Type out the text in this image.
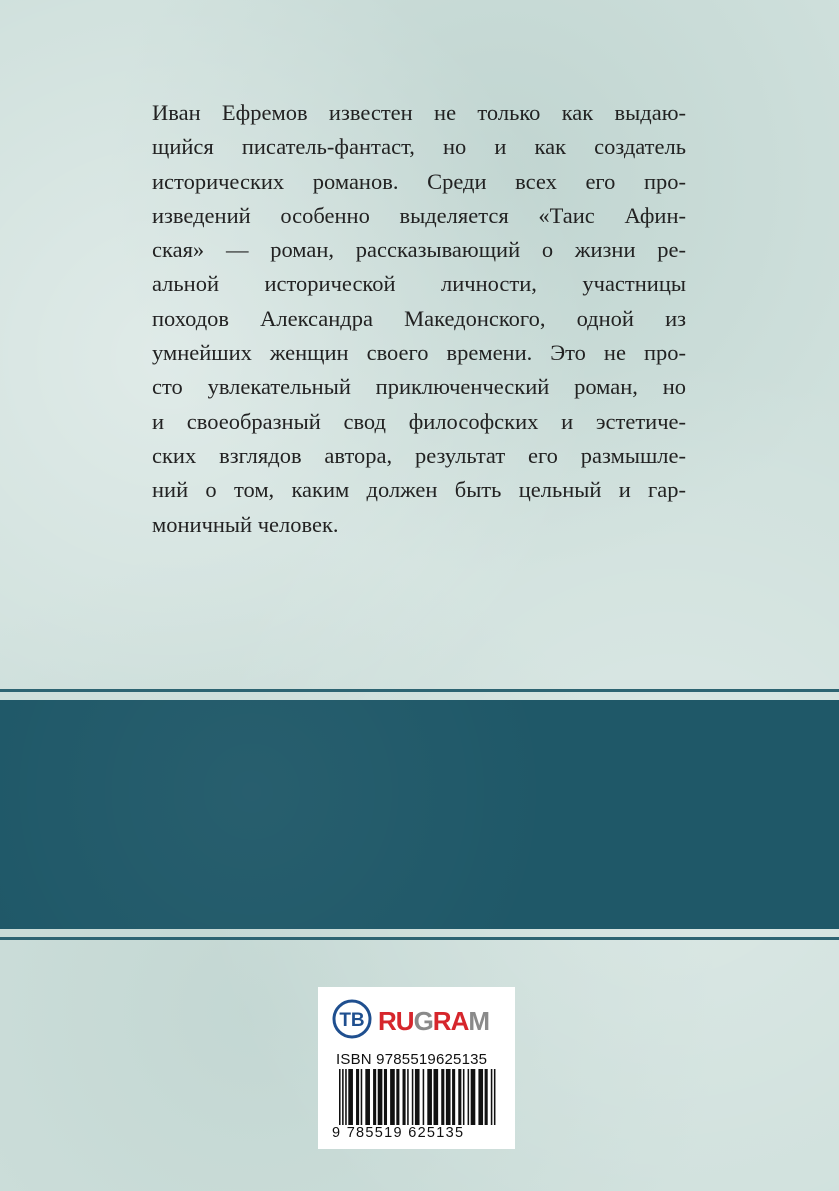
Иван Ефремов известен не только как выдаю-
щийся писатель-фантаст, но и как создатель
исторических романов. Среди всех его про-
изведений особенно выделяется «Таис Афин-
ская» — роман, рассказывающий о жизни ре-
альной исторической личности, участницы
походов Александра Македонского, одной из
умнейших женщин своего времени. Это не про-
сто увлекательный приключенческий роман, но
и своеобразный свод философских и эстетиче-
ских взглядов автора, результат его размышле-
ний о том, каким должен быть цельный и гар-
моничный человек.
TB RUGRAM
ISBN 9785519625135
9 785519 625135
